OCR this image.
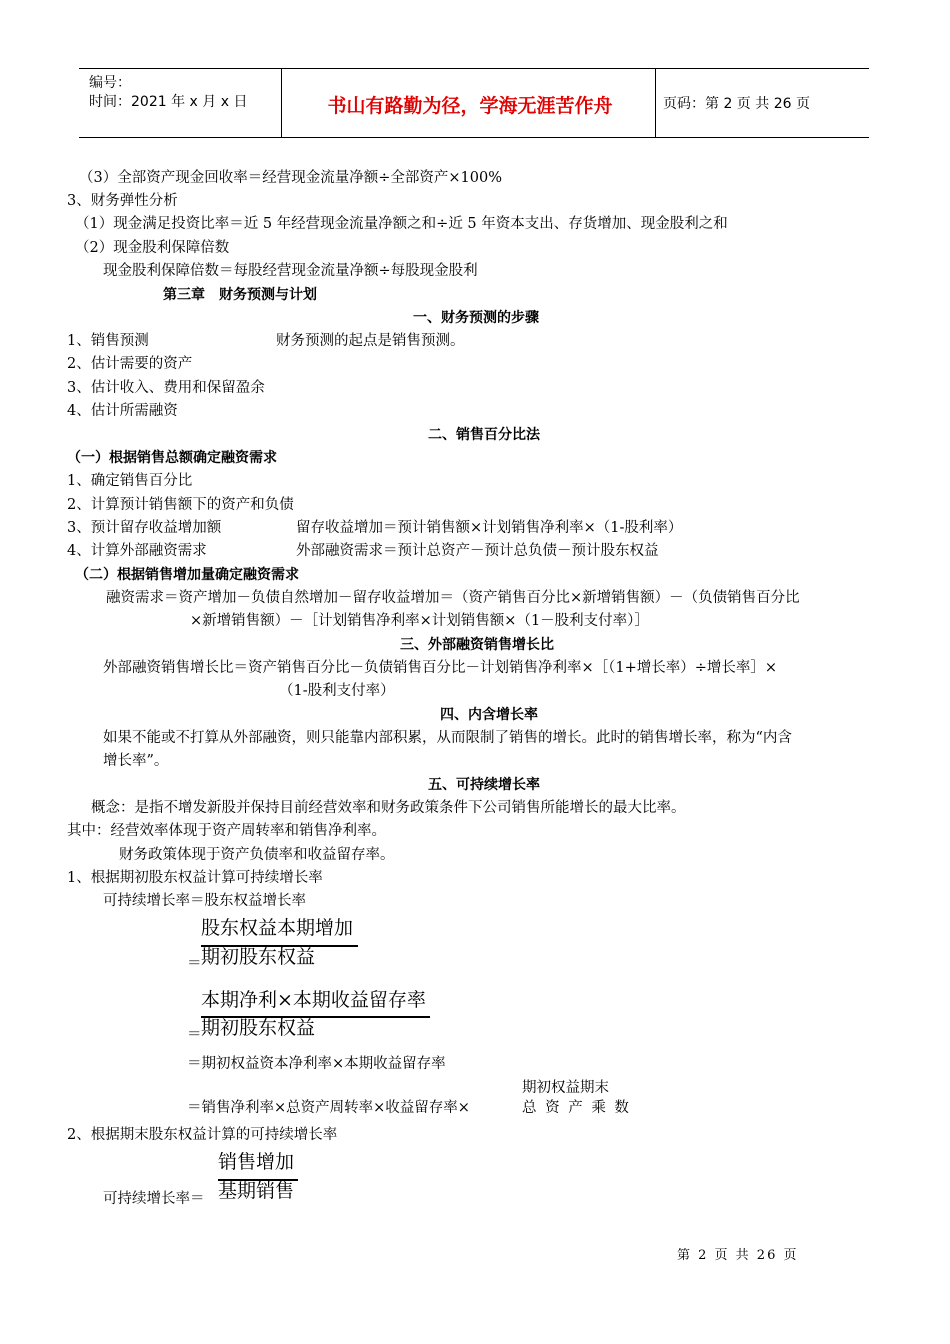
编号：
时间：2021 年 x 月 x 日	书山有路勤为径，学海无涯苦作舟	页码：第 2 页 共 26 页
（3）全部资产现金回收率＝经营现金流量净额÷全部资产×100%
3、财务弹性分析
（1）现金满足投资比率＝近 5 年经营现金流量净额之和÷近 5 年资本支出、存货增加、现金股利之和
（2）现金股利保障倍数
现金股利保障倍数＝每股经营现金流量净额÷每股现金股利
第三章　财务预测与计划
一、财务预测的步骤
1、销售预测	财务预测的起点是销售预测。
2、估计需要的资产
3、估计收入、费用和保留盈余
4、估计所需融资
二、销售百分比法
（一）根据销售总额确定融资需求
1、确定销售百分比
2、计算预计销售额下的资产和负债
3、预计留存收益增加额	留存收益增加＝预计销售额×计划销售净利率×（1-股利率）
4、计算外部融资需求	外部融资需求＝预计总资产－预计总负债－预计股东权益
（二）根据销售增加量确定融资需求
融资需求＝资产增加－负债自然增加－留存收益增加＝（资产销售百分比×新增销售额）－（负债销售百分比
×新增销售额）－［计划销售净利率×计划销售额×（1－股利支付率）］
三、外部融资销售增长比
外部融资销售增长比＝资产销售百分比－负债销售百分比－计划销售净利率×［（1+增长率）÷增长率］×
（1-股利支付率）
四、内含增长率
如果不能或不打算从外部融资，则只能靠内部积累，从而限制了销售的增长。此时的销售增长率，称为“内含
增长率”。
五、可持续增长率
概念：是指不增发新股并保持目前经营效率和财务政策条件下公司销售所能增长的最大比率。
其中：经营效率体现于资产周转率和销售净利率。
财务政策体现于资产负债率和收益留存率。
1、根据期初股东权益计算可持续增长率
可持续增长率＝股东权益增长率
股东权益本期增加
＝ 期初股东权益
本期净利×本期收益留存率
＝ 期初股东权益
＝期初权益资本净利率×本期收益留存率
期初权益期末
＝销售净利率×总资产周转率×收益留存率×	总 资 产 乘 数
2、根据期末股东权益计算的可持续增长率
销售增加
基期销售
可持续增长率＝
第 2 页 共 26 页
